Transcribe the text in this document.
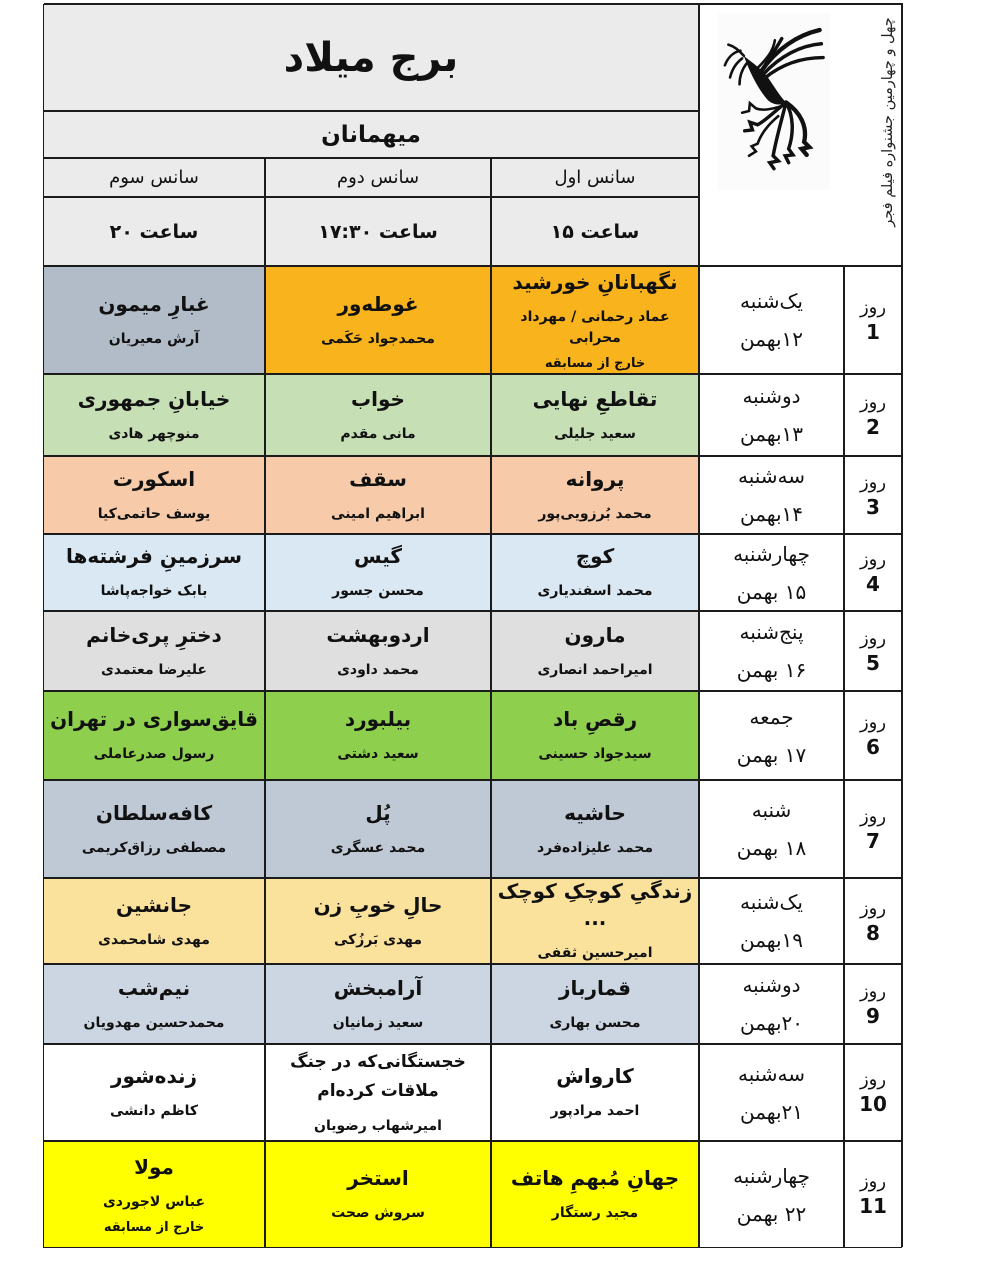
چهل و چهارمین جشنواره فیلم فجر
برج میلاد
میهمانان
سانس اول
سانس دوم
سانس سوم
ساعت ۱۵
ساعت ۱۷:۳۰
ساعت ۲۰
روز
1
یک‌شنبه
۱۲بهمن
نگهبانانِ خورشید
عماد رحمانی / مهرداد محرابی
خارج از مسابقه
غوطه‌ور
محمدجواد حَکَمی
غبارِ میمون
آرش معیریان
روز
2
دوشنبه
۱۳بهمن
تقاطعِ نهایی
سعید جلیلی
خواب
مانی مقدم
خیابانِ جمهوری
منوچهر هادی
روز
3
سه‌شنبه
۱۴بهمن
پروانه
محمد بُرزویی‌پور
سقف
ابراهیم امینی
اسکورت
یوسف حاتمی‌کیا
روز
4
چهارشنبه
۱۵ بهمن
کوچ
محمد اسفندیاری
گیس
محسن جسور
سرزمینِ فرشته‌ها
بابک خواجه‌پاشا
روز
5
پنج‌شنبه
۱۶ بهمن
مارون
امیراحمد انصاری
اردوبهشت
محمد داودی
دخترِ پری‌خانم
علیرضا معتمدی
روز
6
جمعه
۱۷ بهمن
رقصِ باد
سیدجواد حسینی
بیلبورد
سعید دشتی
قایق‌سواری در تهران
رسول صدرعاملی
روز
7
شنبه
۱۸ بهمن
حاشیه
محمد علیزاده‌فرد
پُل
محمد عسگری
کافه‌سلطان
مصطفی رزاق‌کریمی
روز
8
یک‌شنبه
۱۹بهمن
زندگیِ کوچکِ کوچک ...
امیرحسین ثقفی
حالِ خوبِ زن
مهدی بَرزُکی
جانشین
مهدی شامحمدی
روز
9
دوشنبه
۲۰بهمن
قمارباز
محسن بهاری
آرامبخش
سعید زمانیان
نیم‌شب
محمدحسین مهدویان
روز
10
سه‌شنبه
۲۱بهمن
کارواش
احمد مرادپور
خجستگانی‌که در جنگ ملاقات کرده‌ام
امیرشهاب رضویان
زنده‌شور
کاظم دانشی
روز
11
چهارشنبه
۲۲ بهمن
جهانِ مُبهمِ هاتف
مجید رستگار
استخر
سروش صحت
مولا
عباس لاجوردی
خارج از مسابقه
